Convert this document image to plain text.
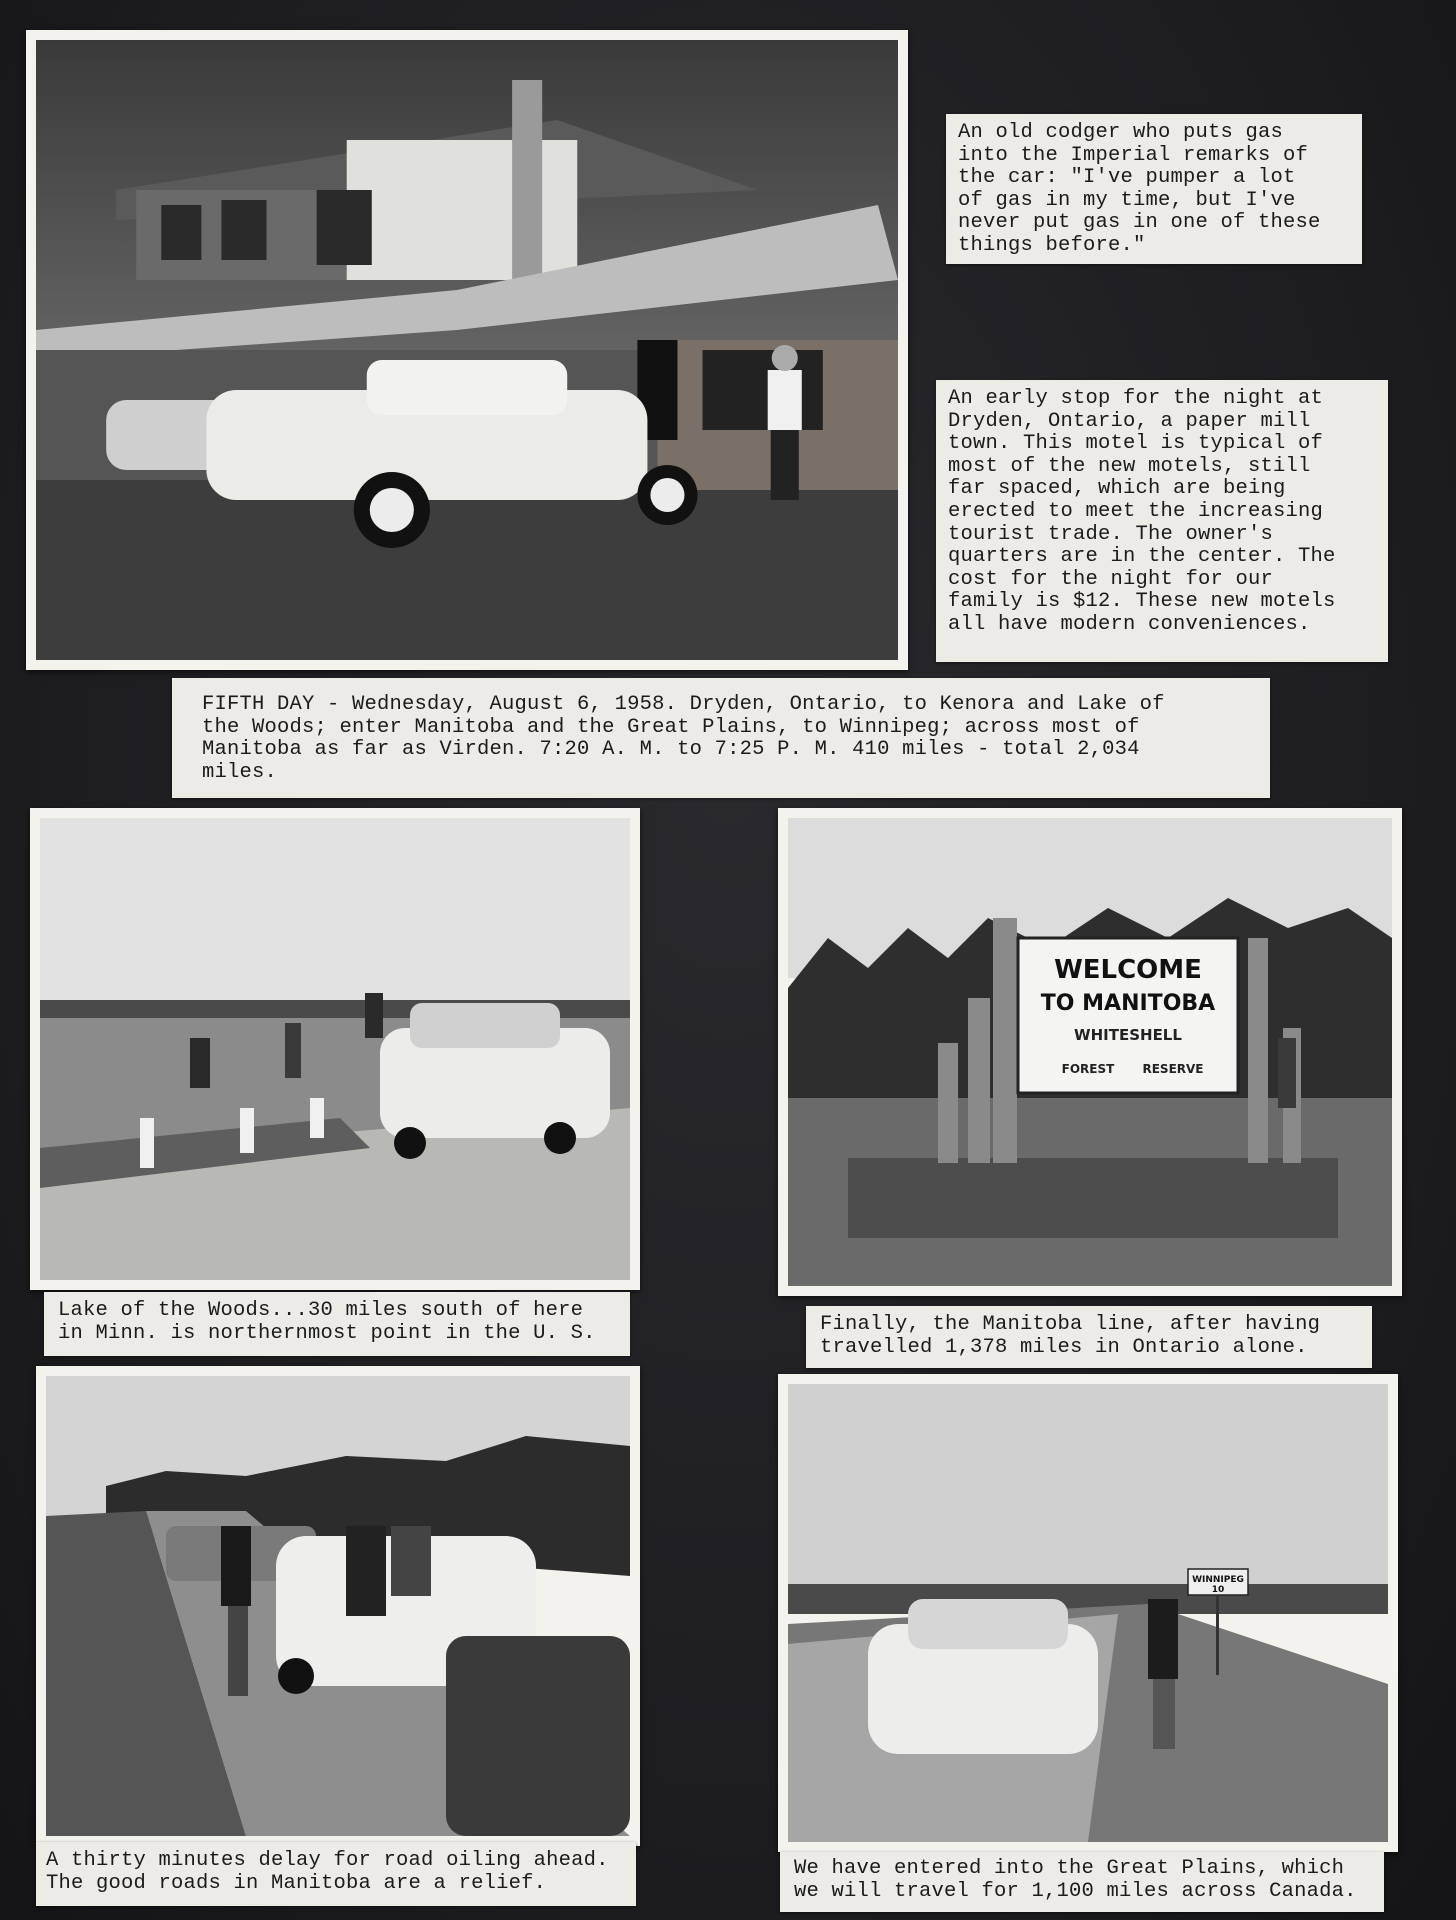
An old codger who puts gas
into the Imperial remarks of
the car: "I've pumper a lot
of gas in my time, but I've
never put gas in one of these
things before."
An early stop for the night at
Dryden, Ontario, a paper mill
town. This motel is typical of
most of the new motels, still
far spaced, which are being
erected to meet the increasing
tourist trade. The owner's
quarters are in the center. The
cost for the night for our
family is $12. These new motels
all have modern conveniences.
FIFTH DAY - Wednesday, August 6, 1958. Dryden, Ontario, to Kenora and Lake of
the Woods; enter Manitoba and the Great Plains, to Winnipeg; across most of
Manitoba as far as Virden. 7:20 A. M. to 7:25 P. M. 410 miles - total 2,034
miles.
Lake of the Woods...30 miles south of here
in Minn. is northernmost point in the U. S.
WELCOME
TO MANITOBA
WHITESHELL
FOREST RESERVE
Finally, the Manitoba line, after having
travelled 1,378 miles in Ontario alone.
A thirty minutes delay for road oiling ahead.
The good roads in Manitoba are a relief.
WINNIPEG
10
We have entered into the Great Plains, which
we will travel for 1,100 miles across Canada.
